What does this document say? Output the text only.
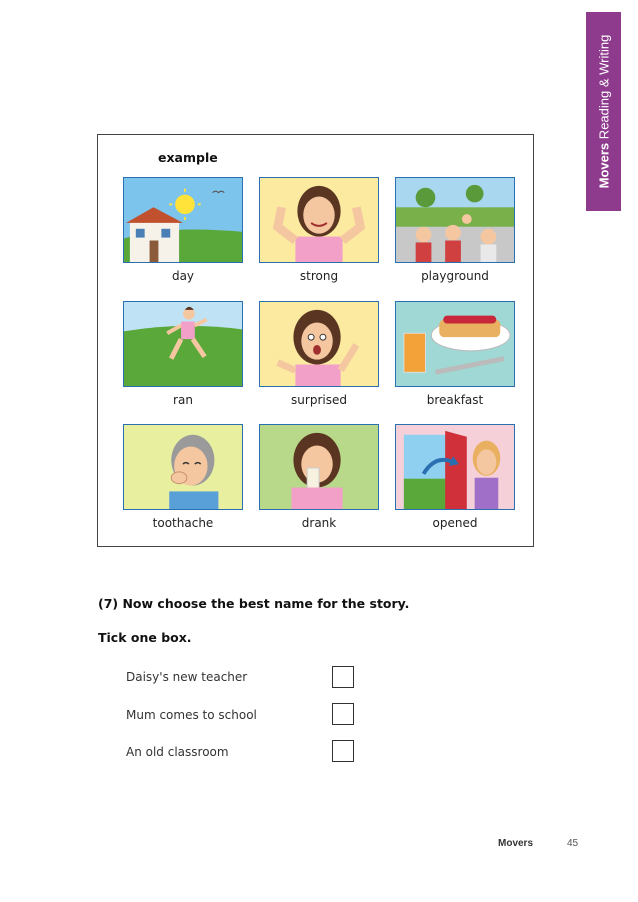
Movers Reading & Writing
example
day	strong	playground
ran	surprised	breakfast
toothache	drank	opened
(7) Now choose the best name for the story.
Tick one box.
Daisy's new teacher
Mum comes to school
An old classroom
Movers	45
